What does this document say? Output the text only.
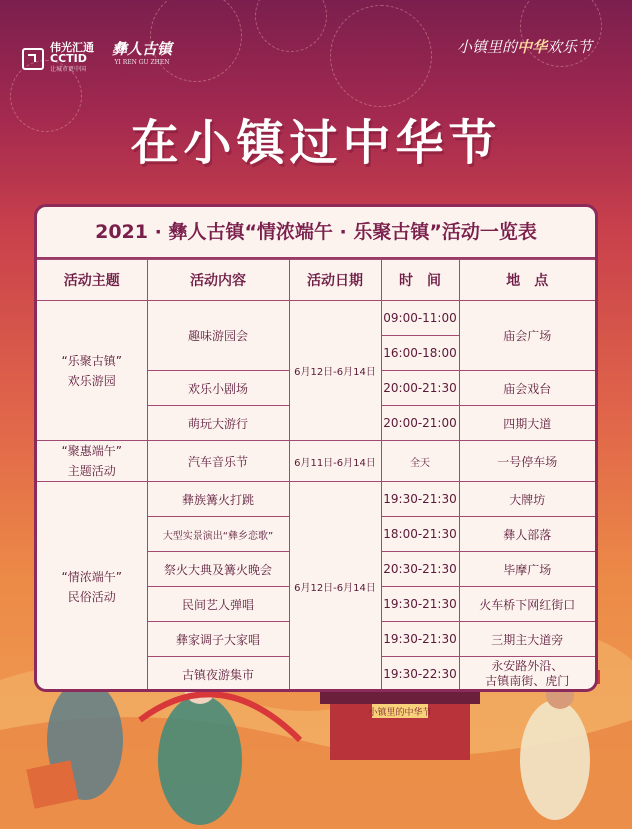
伟光汇通
CCTID
让城市更中国
彝人古镇
YI REN GU ZHEN
小镇里的中华欢乐节
在小镇过中华节
小镇里的中华节
2021 · 彝人古镇“情浓端午 · 乐聚古镇”活动一览表
活动主题	活动内容	活动日期	时　间	地　点

“乐聚古镇”
欢乐游园	趣味游园会	6月12日-6月14日	09:00-11:00	庙会广场
			16:00-18:00	
	欢乐小剧场		20:00-21:30	庙会戏台
	萌玩大游行		20:00-21:00	四期大道

“聚惠端午”
主题活动	汽车音乐节	6月11日-6月14日	全天	一号停车场

“情浓端午”
民俗活动	彝族篝火打跳	6月12日-6月14日	19:30-21:30	大牌坊
	大型实景演出“彝乡恋歌”		18:00-21:30	彝人部落
	祭火大典及篝火晚会		20:30-21:30	毕摩广场
	民间艺人弹唱		19:30-21:30	火车桥下网红街口
	彝家调子大家唱		19:30-21:30	三期主大道旁
	古镇夜游集市		19:30-22:30	永安路外沿、
古镇南街、虎门
